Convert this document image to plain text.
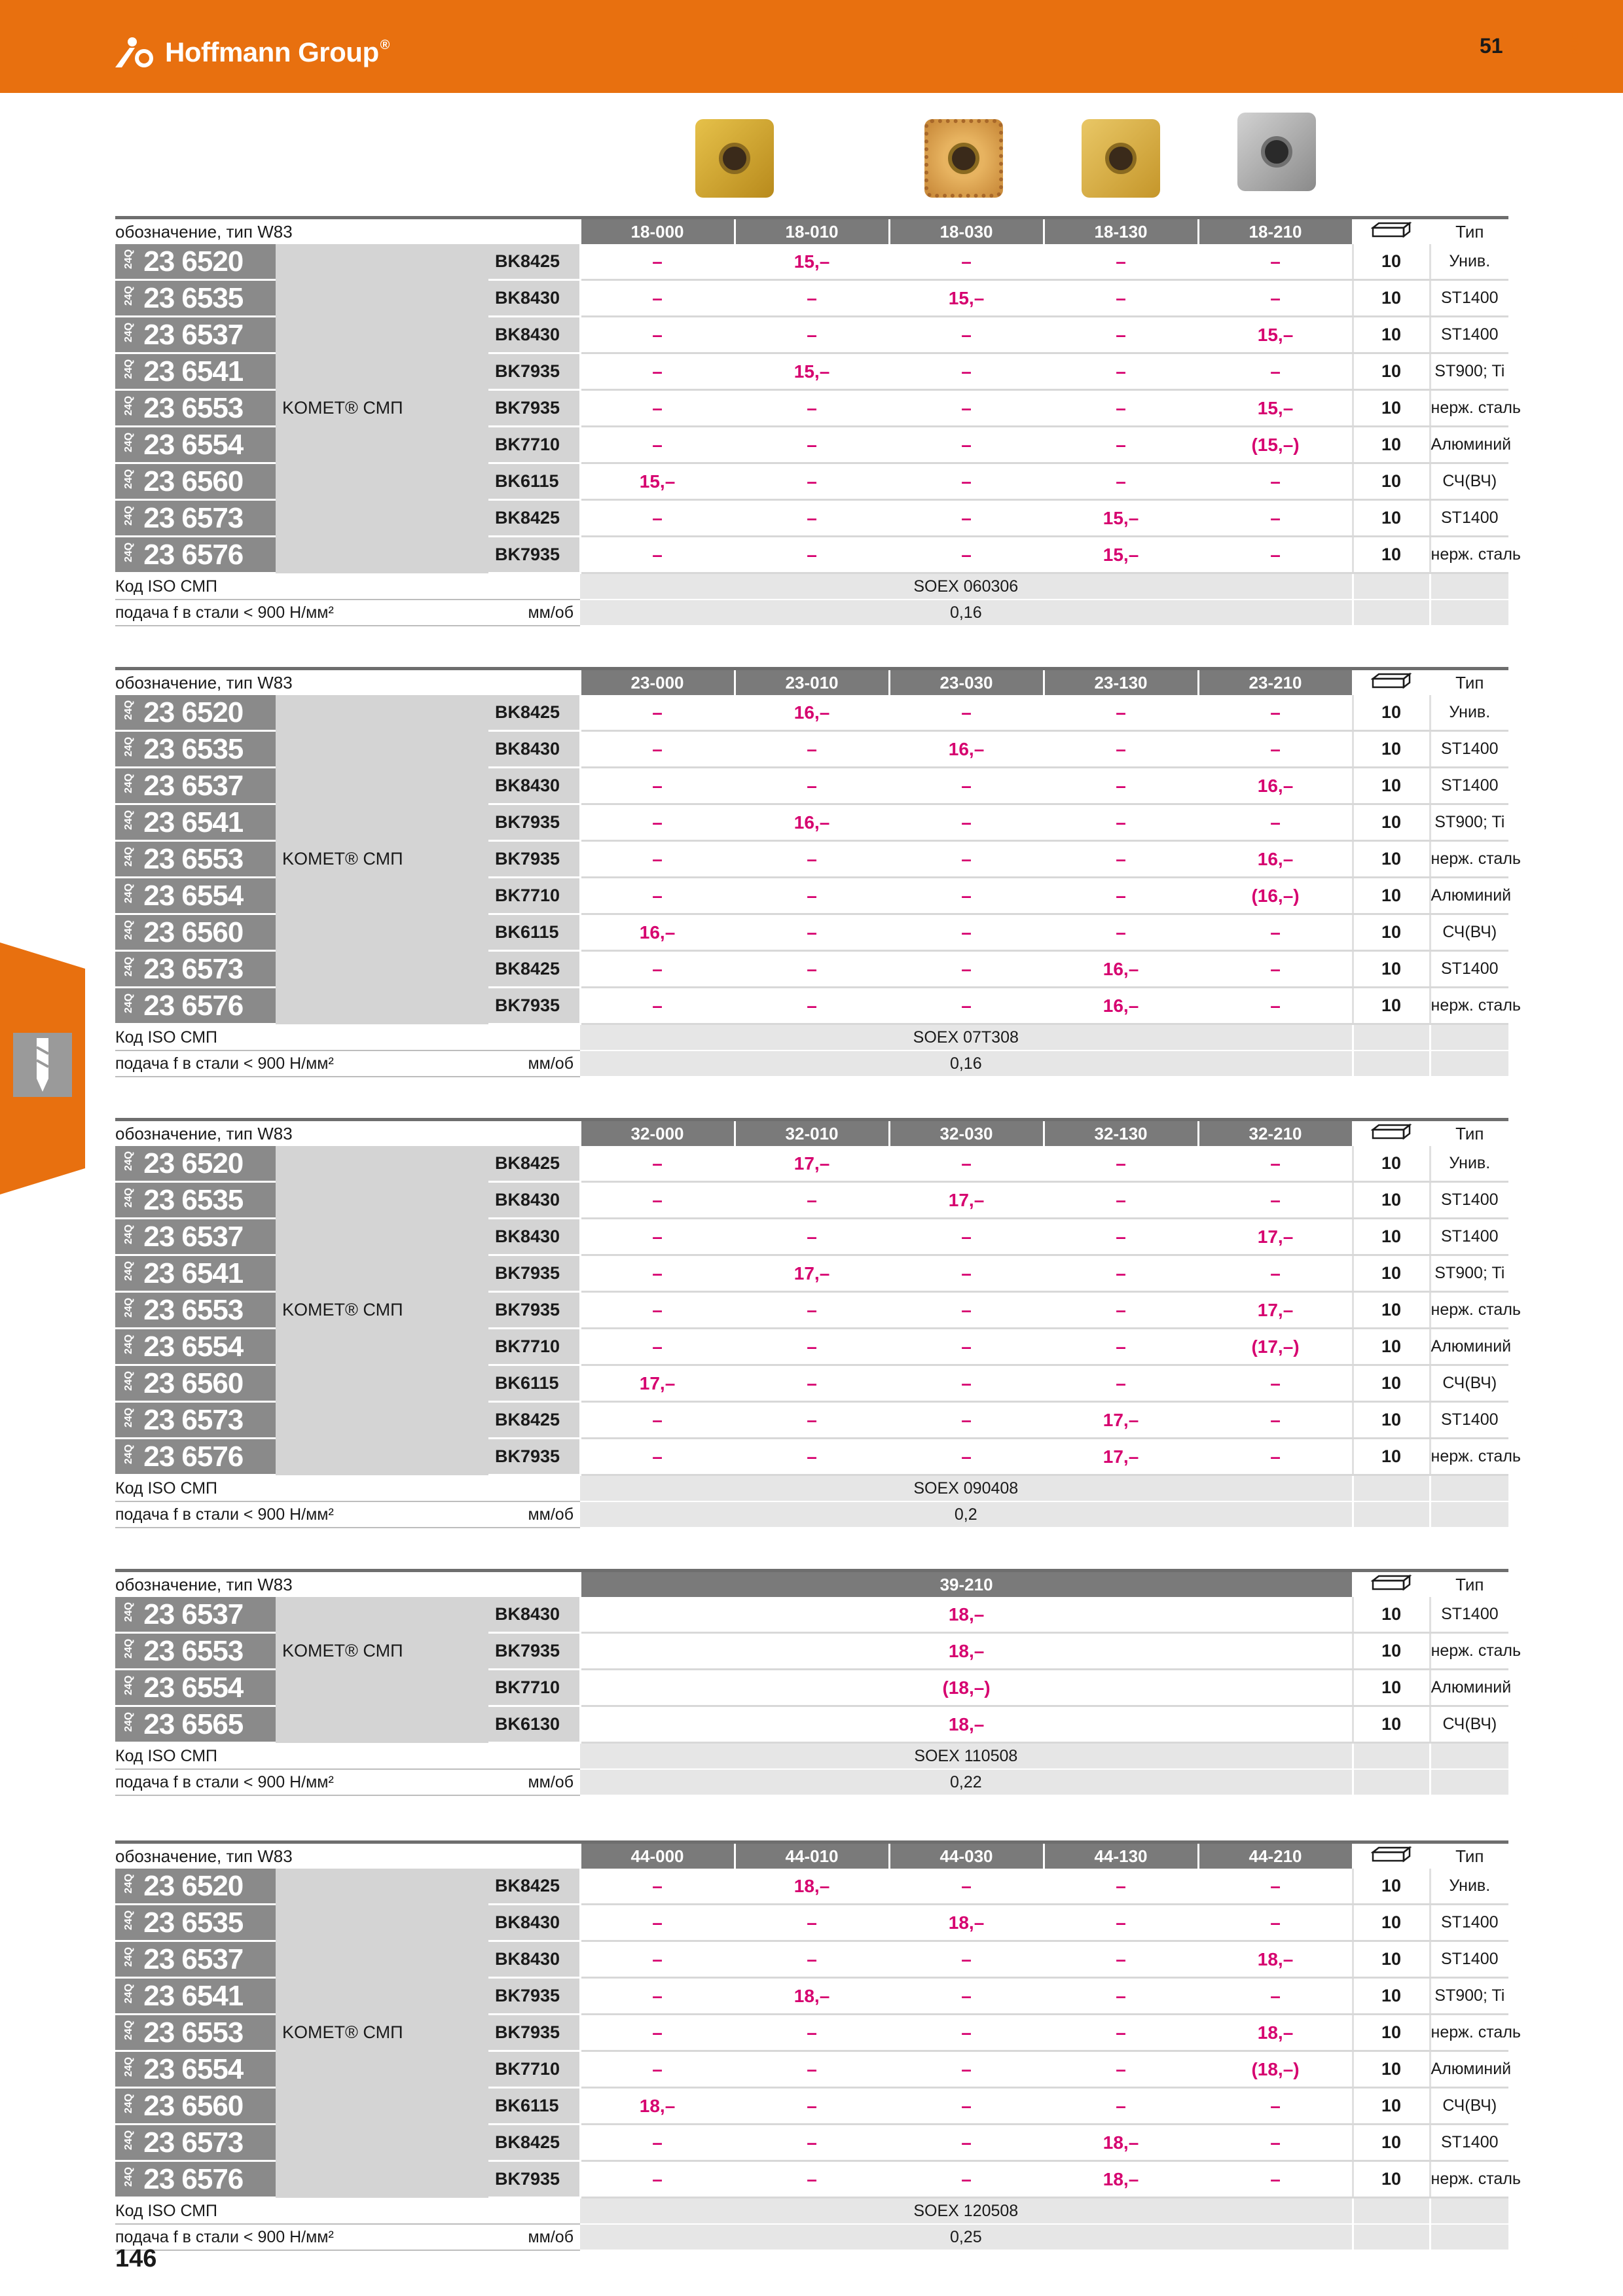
Hoffmann Group ®	51	RUE
обозначение, тип W83			18-000	18-010	18-030	18-130	18-210		Тип
24Q 23 6520		BK8425	–	15,–	–	–	–	10	Унив.
24Q 23 6535		BK8430	–	–	15,–	–	–	10	ST1400
24Q 23 6537		BK8430	–	–	–	–	15,–	10	ST1400
24Q 23 6541		BK7935	–	15,–	–	–	–	10	ST900; Ti
24Q 23 6553	KOMET® СМП	BK7935	–	–	–	–	15,–	10	нерж. сталь
24Q 23 6554		BK7710	–	–	–	–	(15,–)	10	Алюминий
24Q 23 6560		BK6115	15,–	–	–	–	–	10	СЧ(ВЧ)
24Q 23 6573		BK8425	–	–	–	15,–	–	10	ST1400
24Q 23 6576		BK7935	–	–	–	15,–	–	10	нерж. сталь
Код ISO СМП			SOEX 060306						
подача f в стали < 900 Н/мм²		мм/об	0,16						
обозначение, тип W83			23-000	23-010	23-030	23-130	23-210		Тип
24Q 23 6520		BK8425	–	16,–	–	–	–	10	Унив.
24Q 23 6535		BK8430	–	–	16,–	–	–	10	ST1400
24Q 23 6537		BK8430	–	–	–	–	16,–	10	ST1400
24Q 23 6541		BK7935	–	16,–	–	–	–	10	ST900; Ti
24Q 23 6553	KOMET® СМП	BK7935	–	–	–	–	16,–	10	нерж. сталь
24Q 23 6554		BK7710	–	–	–	–	(16,–)	10	Алюминий
24Q 23 6560		BK6115	16,–	–	–	–	–	10	СЧ(ВЧ)
24Q 23 6573		BK8425	–	–	–	16,–	–	10	ST1400
24Q 23 6576		BK7935	–	–	–	16,–	–	10	нерж. сталь
Код ISO СМП			SOEX 07T308						
подача f в стали < 900 Н/мм²		мм/об	0,16						
обозначение, тип W83			32-000	32-010	32-030	32-130	32-210		Тип
24Q 23 6520		BK8425	–	17,–	–	–	–	10	Унив.
24Q 23 6535		BK8430	–	–	17,–	–	–	10	ST1400
24Q 23 6537		BK8430	–	–	–	–	17,–	10	ST1400
24Q 23 6541		BK7935	–	17,–	–	–	–	10	ST900; Ti
24Q 23 6553	KOMET® СМП	BK7935	–	–	–	–	17,–	10	нерж. сталь
24Q 23 6554		BK7710	–	–	–	–	(17,–)	10	Алюминий
24Q 23 6560		BK6115	17,–	–	–	–	–	10	СЧ(ВЧ)
24Q 23 6573		BK8425	–	–	–	17,–	–	10	ST1400
24Q 23 6576		BK7935	–	–	–	17,–	–	10	нерж. сталь
Код ISO СМП			SOEX 090408						
подача f в стали < 900 Н/мм²		мм/об	0,2						
обозначение, тип W83			39-210		Тип
24Q 23 6537		BK8430	18,–	10	ST1400
24Q 23 6553	KOMET® СМП	BK7935	18,–	10	нерж. сталь
24Q 23 6554		BK7710	(18,–)	10	Алюминий
24Q 23 6565		BK6130	18,–	10	СЧ(ВЧ)
Код ISO СМП			SOEX 110508		
подача f в стали < 900 Н/мм²		мм/об	0,22		
обозначение, тип W83			44-000	44-010	44-030	44-130	44-210		Тип
24Q 23 6520		BK8425	–	18,–	–	–	–	10	Унив.
24Q 23 6535		BK8430	–	–	18,–	–	–	10	ST1400
24Q 23 6537		BK8430	–	–	–	–	18,–	10	ST1400
24Q 23 6541		BK7935	–	18,–	–	–	–	10	ST900; Ti
24Q 23 6553	KOMET® СМП	BK7935	–	–	–	–	18,–	10	нерж. сталь
24Q 23 6554		BK7710	–	–	–	–	(18,–)	10	Алюминий
24Q 23 6560		BK6115	18,–	–	–	–	–	10	СЧ(ВЧ)
24Q 23 6573		BK8425	–	–	–	18,–	–	10	ST1400
24Q 23 6576		BK7935	–	–	–	18,–	–	10	нерж. сталь
Код ISO СМП			SOEX 120508						
подача f в стали < 900 Н/мм²		мм/об	0,25						
146
